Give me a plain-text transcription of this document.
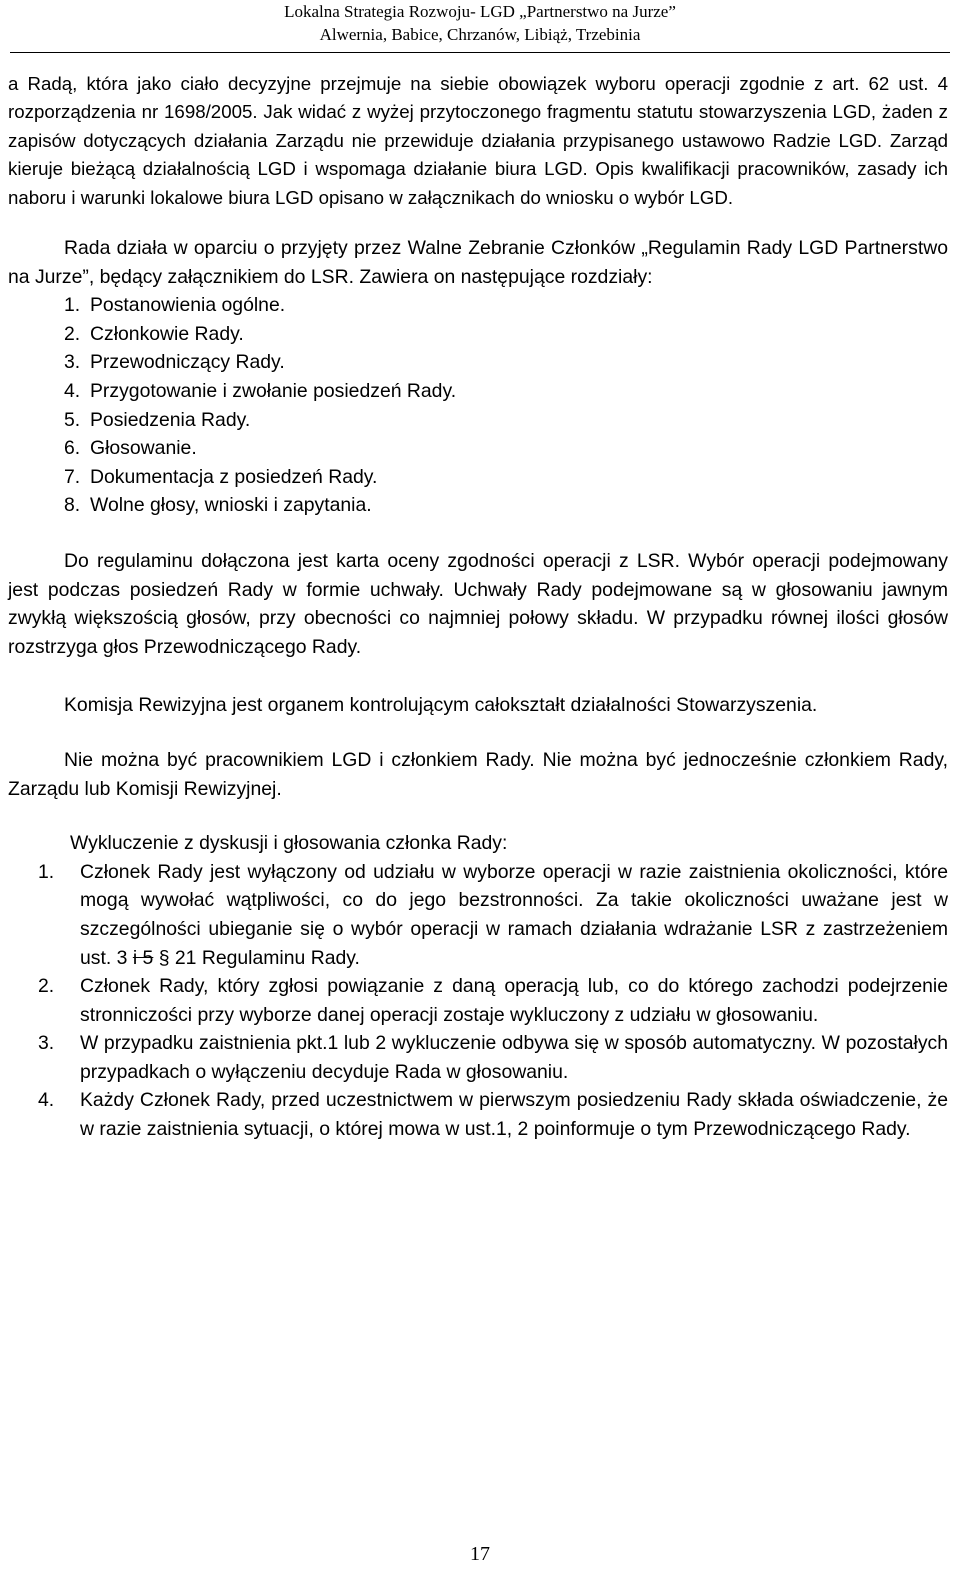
Lokalna Strategia Rozwoju- LGD „Partnerstwo na Jurze”
Alwernia, Babice, Chrzanów, Libiąż, Trzebinia

a Radą, która jako ciało decyzyjne przejmuje na siebie obowiązek wyboru operacji zgodnie z art. 62 ust. 4 rozporządzenia nr 1698/2005. Jak widać z wyżej przytoczonego fragmentu statutu stowarzyszenia LGD, żaden z zapisów dotyczących działania Zarządu nie przewiduje działania przypisanego ustawowo Radzie LGD. Zarząd kieruje bieżącą działalnością LGD i wspomaga działanie biura LGD. Opis kwalifikacji pracowników, zasady ich naboru i warunki lokalowe biura LGD opisano w załącznikach do wniosku o wybór LGD.

Rada działa w oparciu o przyjęty przez Walne Zebranie Członków „Regulamin Rady LGD Partnerstwo na Jurze”, będący załącznikiem do LSR. Zawiera on następujące rozdziały:

1. Postanowienia ogólne.
2. Członkowie Rady.
3. Przewodniczący Rady.
4. Przygotowanie i zwołanie posiedzeń Rady.
5. Posiedzenia Rady.
6. Głosowanie.
7. Dokumentacja z posiedzeń Rady.
8. Wolne głosy, wnioski i zapytania.

Do regulaminu dołączona jest karta oceny zgodności operacji z LSR. Wybór operacji podejmowany jest podczas posiedzeń Rady w formie uchwały. Uchwały Rady podejmowane są w głosowaniu jawnym zwykłą większością głosów, przy obecności co najmniej połowy składu. W przypadku równej ilości głosów rozstrzyga głos Przewodniczącego Rady.

Komisja Rewizyjna jest organem kontrolującym całokształt działalności Stowarzyszenia.

Nie można być pracownikiem LGD i członkiem Rady. Nie można być jednocześnie członkiem Rady, Zarządu lub Komisji Rewizyjnej.

Wykluczenie z dyskusji i głosowania członka Rady:

1. Członek Rady jest wyłączony od udziału w wyborze operacji w razie zaistnienia okoliczności, które mogą wywołać wątpliwości, co do jego bezstronności. Za takie okoliczności uważane jest w szczególności ubieganie się o wybór operacji w ramach działania wdrażanie LSR z zastrzeżeniem ust. 3 i 5 § 21 Regulaminu Rady.
2. Członek Rady, który zgłosi powiązanie z daną operacją lub, co do którego zachodzi podejrzenie stronniczości przy wyborze danej operacji zostaje wykluczony z udziału w głosowaniu.
3. W przypadku zaistnienia pkt.1 lub 2 wykluczenie odbywa się w sposób automatyczny. W pozostałych przypadkach o wyłączeniu decyduje Rada w głosowaniu.
4. Każdy Członek Rady, przed uczestnictwem w pierwszym posiedzeniu Rady składa oświadczenie, że w razie zaistnienia sytuacji, o której mowa w ust.1, 2 poinformuje o tym Przewodniczącego Rady.
17
